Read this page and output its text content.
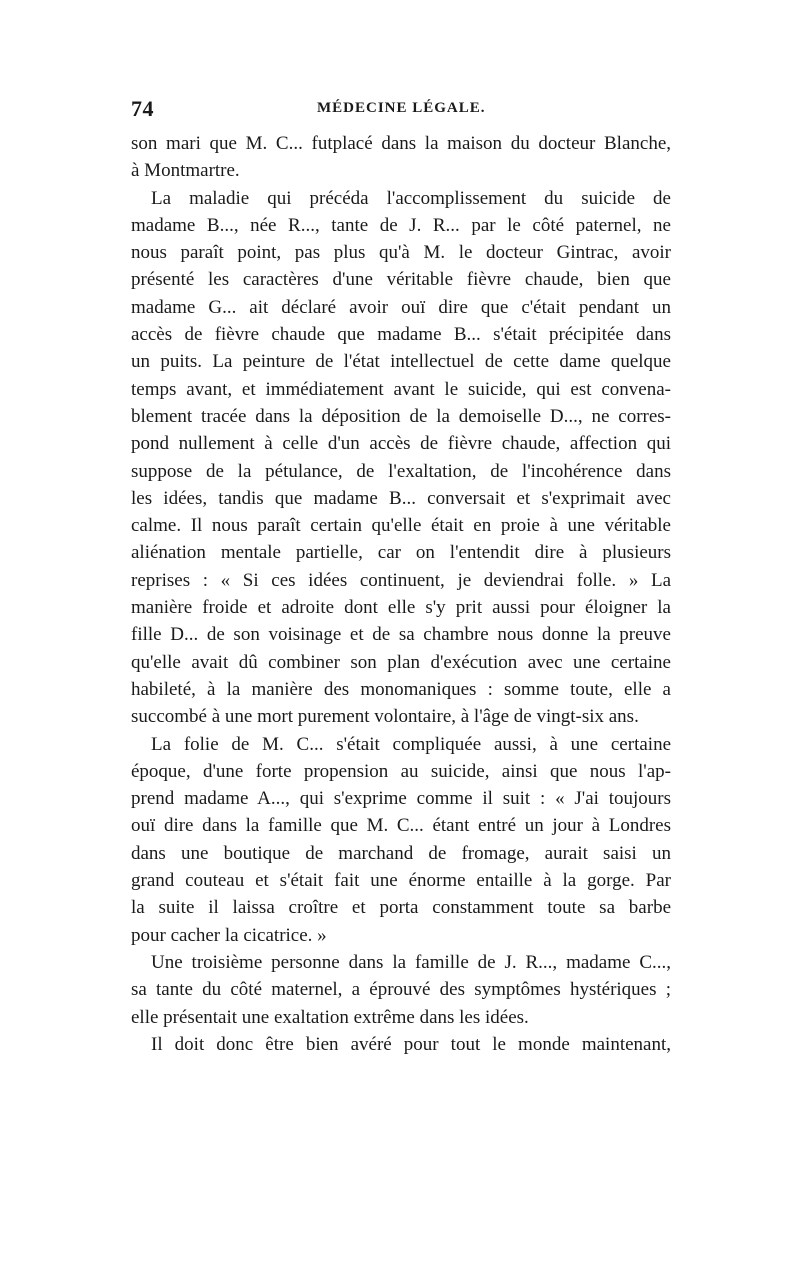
74	MÉDECINE LÉGALE.
son mari que M. C... futplacé dans la maison du docteur Blanche,
à Montmartre.
La maladie qui précéda l'accomplissement du suicide de
madame B..., née R..., tante de J. R... par le côté paternel, ne
nous paraît point, pas plus qu'à M. le docteur Gintrac, avoir
présenté les caractères d'une véritable fièvre chaude, bien que
madame G... ait déclaré avoir ouï dire que c'était pendant un
accès de fièvre chaude que madame B... s'était précipitée dans
un puits. La peinture de l'état intellectuel de cette dame quelque
temps avant, et immédiatement avant le suicide, qui est convena-
blement tracée dans la déposition de la demoiselle D..., ne corres-
pond nullement à celle d'un accès de fièvre chaude, affection qui
suppose de la pétulance, de l'exaltation, de l'incohérence dans
les idées, tandis que madame B... conversait et s'exprimait avec
calme. Il nous paraît certain qu'elle était en proie à une véritable
aliénation mentale partielle, car on l'entendit dire à plusieurs
reprises : « Si ces idées continuent, je deviendrai folle. » La
manière froide et adroite dont elle s'y prit aussi pour éloigner la
fille D... de son voisinage et de sa chambre nous donne la preuve
qu'elle avait dû combiner son plan d'exécution avec une certaine
habileté, à la manière des monomaniques : somme toute, elle a
succombé à une mort purement volontaire, à l'âge de vingt-six ans.
La folie de M. C... s'était compliquée aussi, à une certaine
époque, d'une forte propension au suicide, ainsi que nous l'ap-
prend madame A..., qui s'exprime comme il suit : « J'ai toujours
ouï dire dans la famille que M. C... étant entré un jour à Londres
dans une boutique de marchand de fromage, aurait saisi un
grand couteau et s'était fait une énorme entaille à la gorge. Par
la suite il laissa croître et porta constamment toute sa barbe
pour cacher la cicatrice. »
Une troisième personne dans la famille de J. R..., madame C...,
sa tante du côté maternel, a éprouvé des symptômes hystériques ;
elle présentait une exaltation extrême dans les idées.
Il doit donc être bien avéré pour tout le monde maintenant,
